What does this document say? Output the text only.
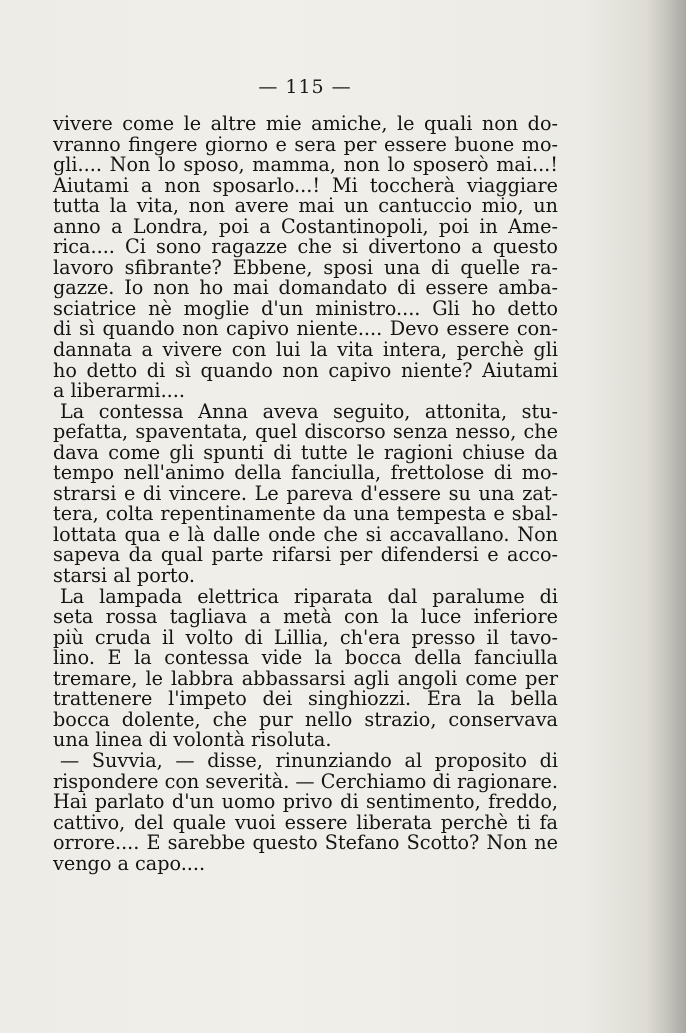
— 115 —
vivere come le altre mie amiche, le quali non do-
vranno fingere giorno e sera per essere buone mo-
gli.... Non lo sposo, mamma, non lo sposerò mai...!
Aiutami a non sposarlo...! Mi toccherà viaggiare
tutta la vita, non avere mai un cantuccio mio, un
anno a Londra, poi a Costantinopoli, poi in Ame-
rica.... Ci sono ragazze che si divertono a questo
lavoro sfibrante? Ebbene, sposi una di quelle ra-
gazze. Io non ho mai domandato di essere amba-
sciatrice nè moglie d'un ministro.... Gli ho detto
di sì quando non capivo niente.... Devo essere con-
dannata a vivere con lui la vita intera, perchè gli
ho detto di sì quando non capivo niente? Aiutami
a liberarmi....
La contessa Anna aveva seguito, attonita, stu-
pefatta, spaventata, quel discorso senza nesso, che
dava come gli spunti di tutte le ragioni chiuse da
tempo nell'animo della fanciulla, frettolose di mo-
strarsi e di vincere. Le pareva d'essere su una zat-
tera, colta repentinamente da una tempesta e sbal-
lottata qua e là dalle onde che si accavallano. Non
sapeva da qual parte rifarsi per difendersi e acco-
starsi al porto.
La lampada elettrica riparata dal paralume di
seta rossa tagliava a metà con la luce inferiore
più cruda il volto di Lillia, ch'era presso il tavo-
lino. E la contessa vide la bocca della fanciulla
tremare, le labbra abbassarsi agli angoli come per
trattenere l'impeto dei singhiozzi. Era la bella
bocca dolente, che pur nello strazio, conservava
una linea di volontà risoluta.
— Suvvia, — disse, rinunziando al proposito di
rispondere con severità. — Cerchiamo di ragionare.
Hai parlato d'un uomo privo di sentimento, freddo,
cattivo, del quale vuoi essere liberata perchè ti fa
orrore.... E sarebbe questo Stefano Scotto? Non ne
vengo a capo....
